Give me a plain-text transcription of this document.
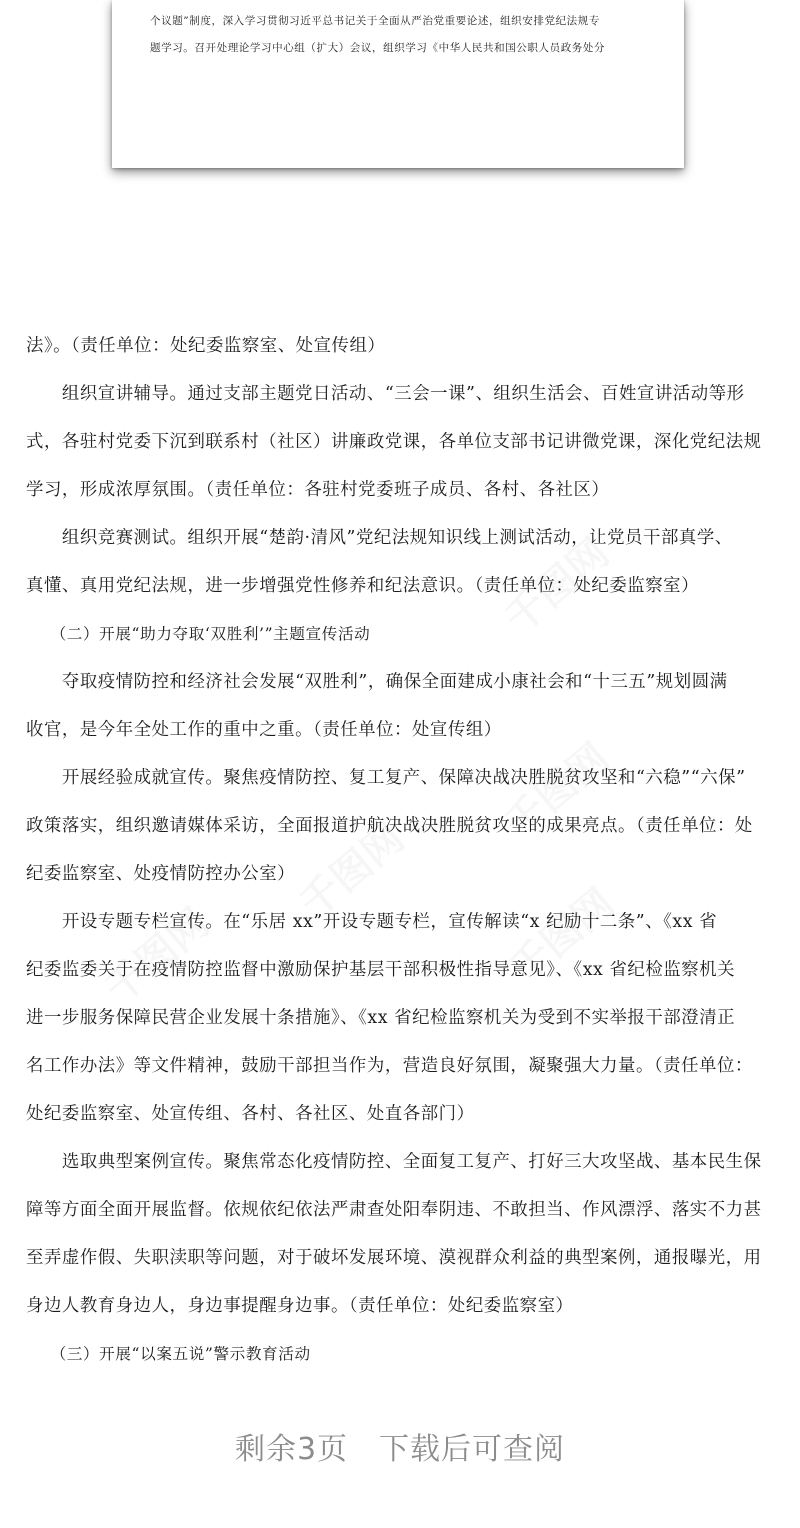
个议题”制度，深入学习贯彻习近平总书记关于全面从严治党重要论述，组织安排党纪法规专

题学习。召开处理论学习中心组（扩大）会议，组织学习《中华人民共和国公职人员政务处分

法》。（责任单位：处纪委监察室、处宣传组）

　　组织宣讲辅导。通过支部主题党日活动、“三会一课”、组织生活会、百姓宣讲活动等形

式，各驻村党委下沉到联系村（社区）讲廉政党课，各单位支部书记讲微党课，深化党纪法规

学习，形成浓厚氛围。（责任单位：各驻村党委班子成员、各村、各社区）

　　组织竞赛测试。组织开展“楚韵·清风”党纪法规知识线上测试活动，让党员干部真学、

真懂、真用党纪法规，进一步增强党性修养和纪法意识。（责任单位：处纪委监察室）

　　（二）开展“助力夺取‘双胜利’”主题宣传活动

　　夺取疫情防控和经济社会发展“双胜利”，确保全面建成小康社会和“十三五”规划圆满

收官，是今年全处工作的重中之重。（责任单位：处宣传组）

　　开展经验成就宣传。聚焦疫情防控、复工复产、保障决战决胜脱贫攻坚和“六稳”“六保”

政策落实，组织邀请媒体采访，全面报道护航决战决胜脱贫攻坚的成果亮点。（责任单位：处

纪委监察室、处疫情防控办公室）

　　开设专题专栏宣传。在“乐居 xx”开设专题专栏，宣传解读“x 纪励十二条”、《xx 省

纪委监委关于在疫情防控监督中激励保护基层干部积极性指导意见》、《xx 省纪检监察机关

进一步服务保障民营企业发展十条措施》、《xx 省纪检监察机关为受到不实举报干部澄清正

名工作办法》等文件精神，鼓励干部担当作为，营造良好氛围，凝聚强大力量。（责任单位：

处纪委监察室、处宣传组、各村、各社区、处直各部门）

　　选取典型案例宣传。聚焦常态化疫情防控、全面复工复产、打好三大攻坚战、基本民生保

障等方面全面开展监督。依规依纪依法严肃查处阳奉阴违、不敢担当、作风漂浮、落实不力甚

至弄虚作假、失职渎职等问题，对于破坏发展环境、漠视群众利益的典型案例，通报曝光，用

身边人教育身边人，身边事提醒身边事。（责任单位：处纪委监察室）

　　（三）开展“以案五说”警示教育活动

剩余3页　下载后可查阅
